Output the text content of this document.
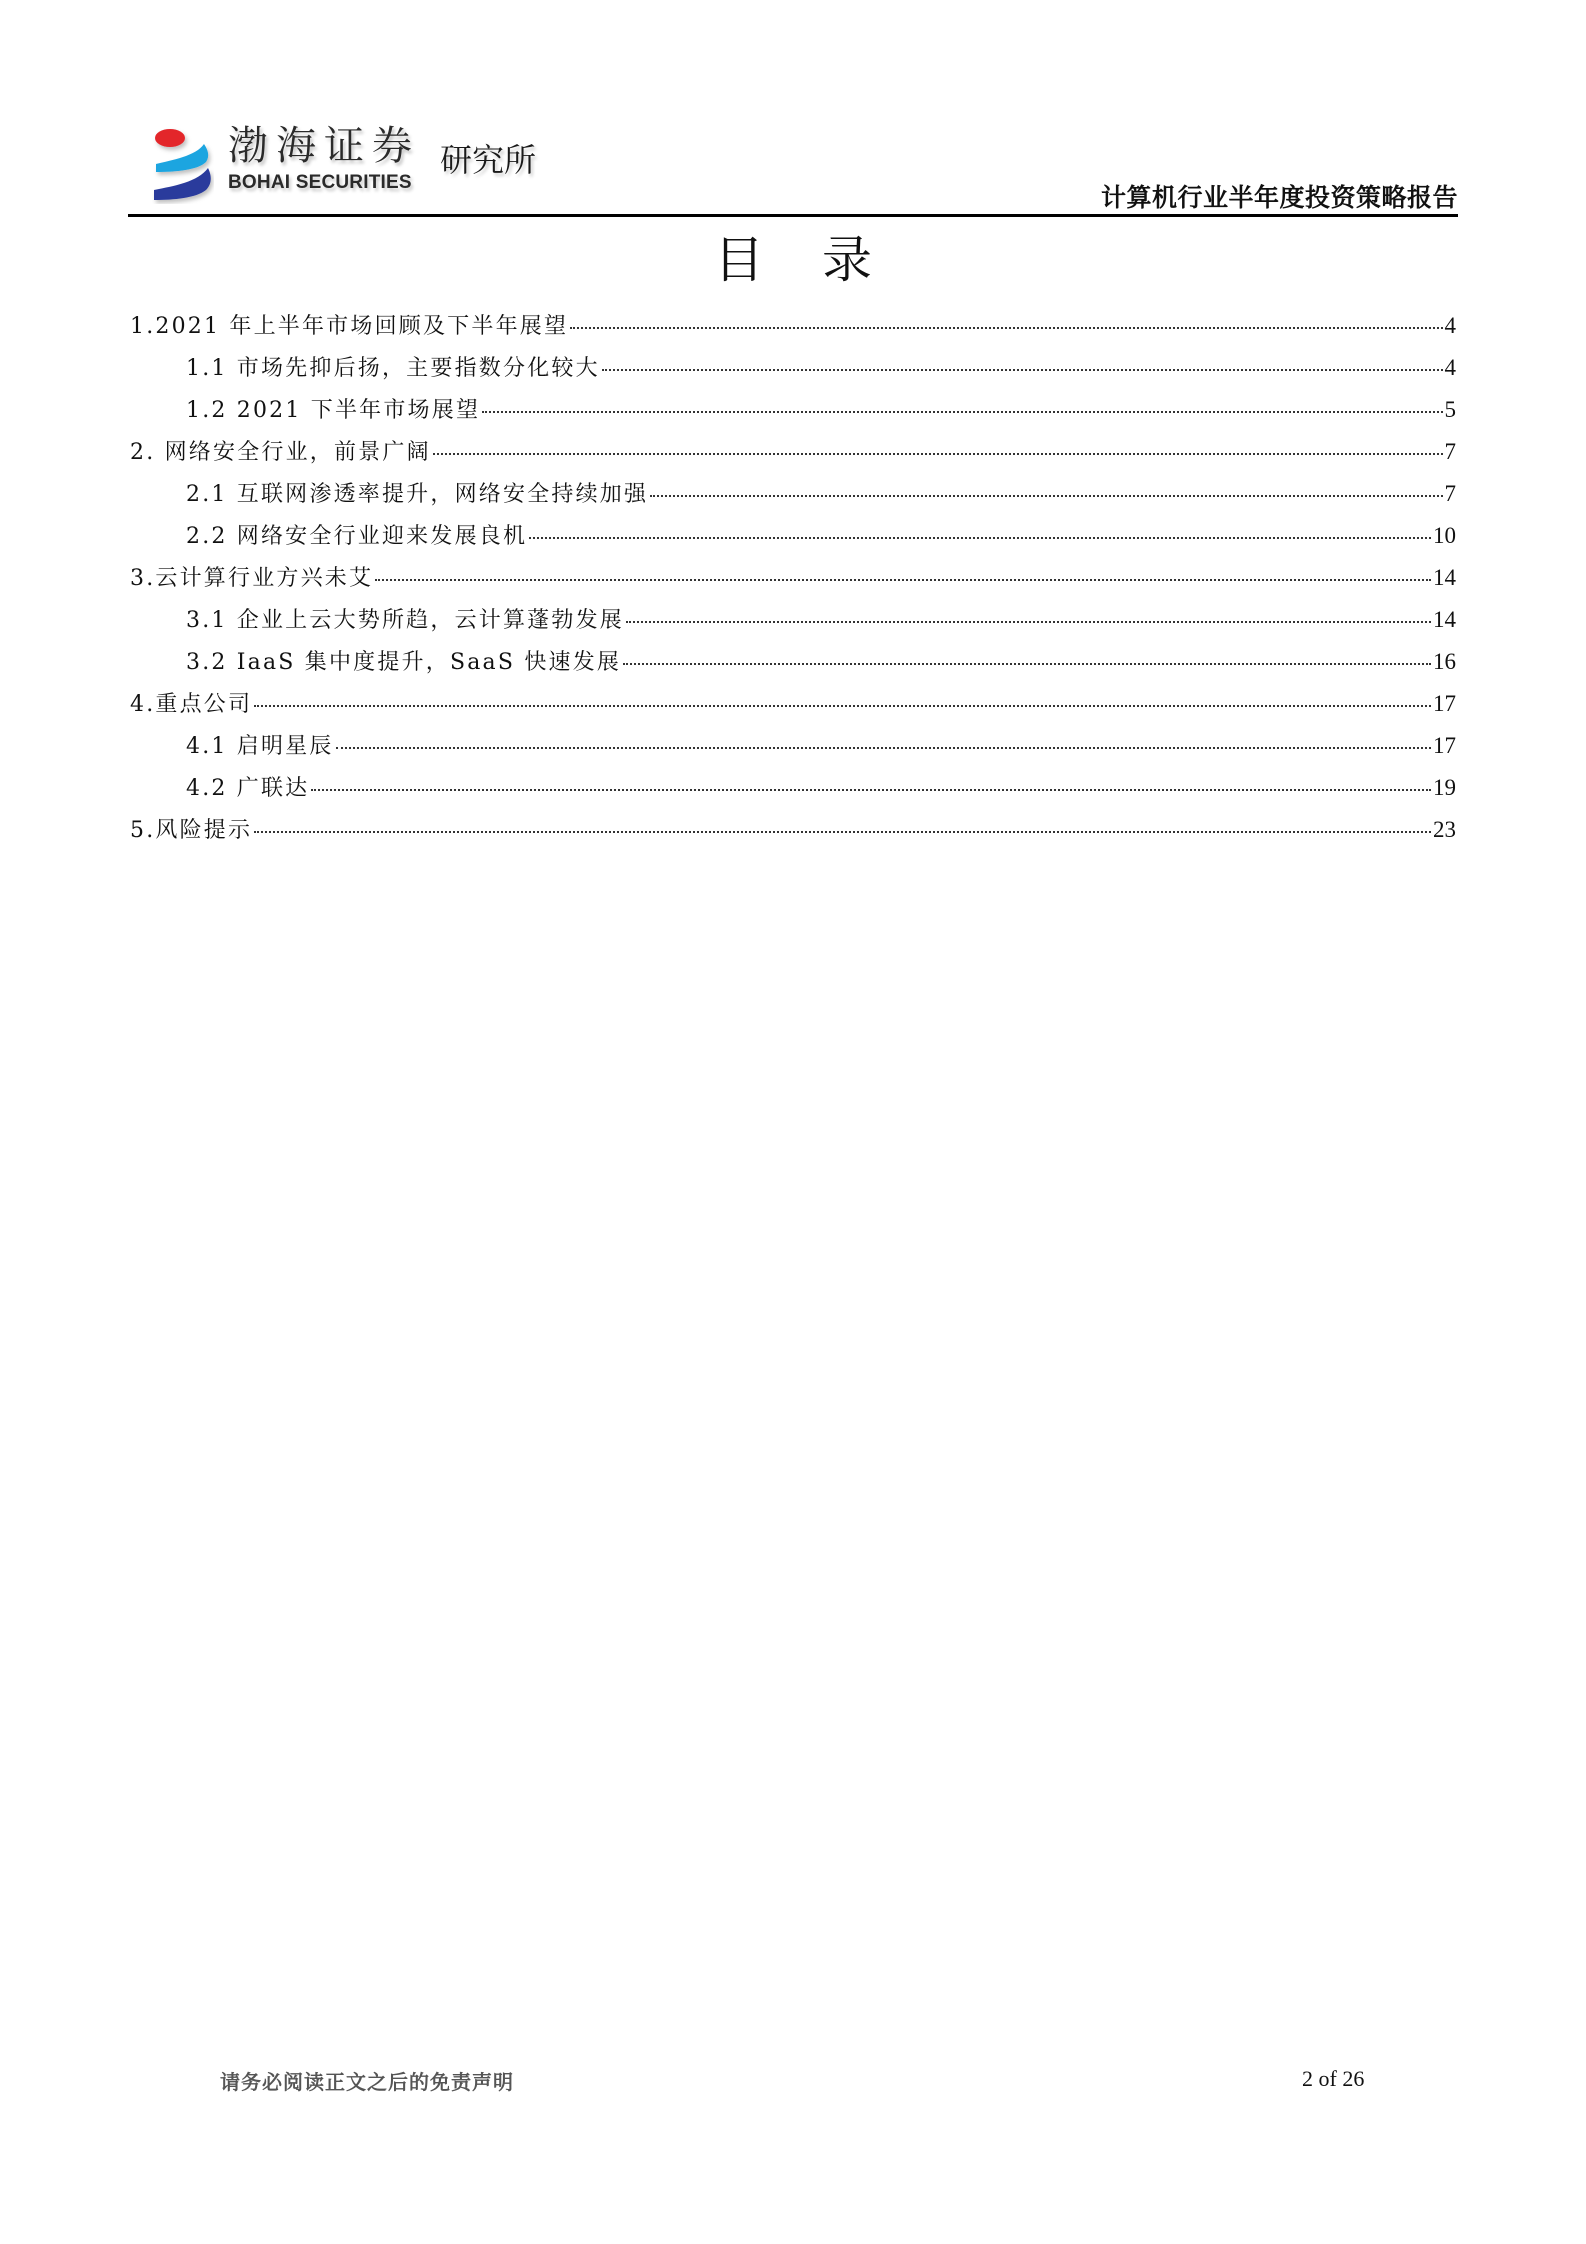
渤海证券
BOHAI SECURITIES
研究所
计算机行业半年度投资策略报告
目录
1.2021 年上半年市场回顾及下半年展望	4
1.1 市场先抑后扬，主要指数分化较大	4
1.2 2021 下半年市场展望	5
2. 网络安全行业，前景广阔	7
2.1 互联网渗透率提升，网络安全持续加强	7
2.2 网络安全行业迎来发展良机	10
3.云计算行业方兴未艾	14
3.1 企业上云大势所趋，云计算蓬勃发展	14
3.2 IaaS 集中度提升，SaaS 快速发展	16
4.重点公司	17
4.1 启明星辰	17
4.2 广联达	19
5.风险提示	23
请务必阅读正文之后的免责声明	2 of 26
